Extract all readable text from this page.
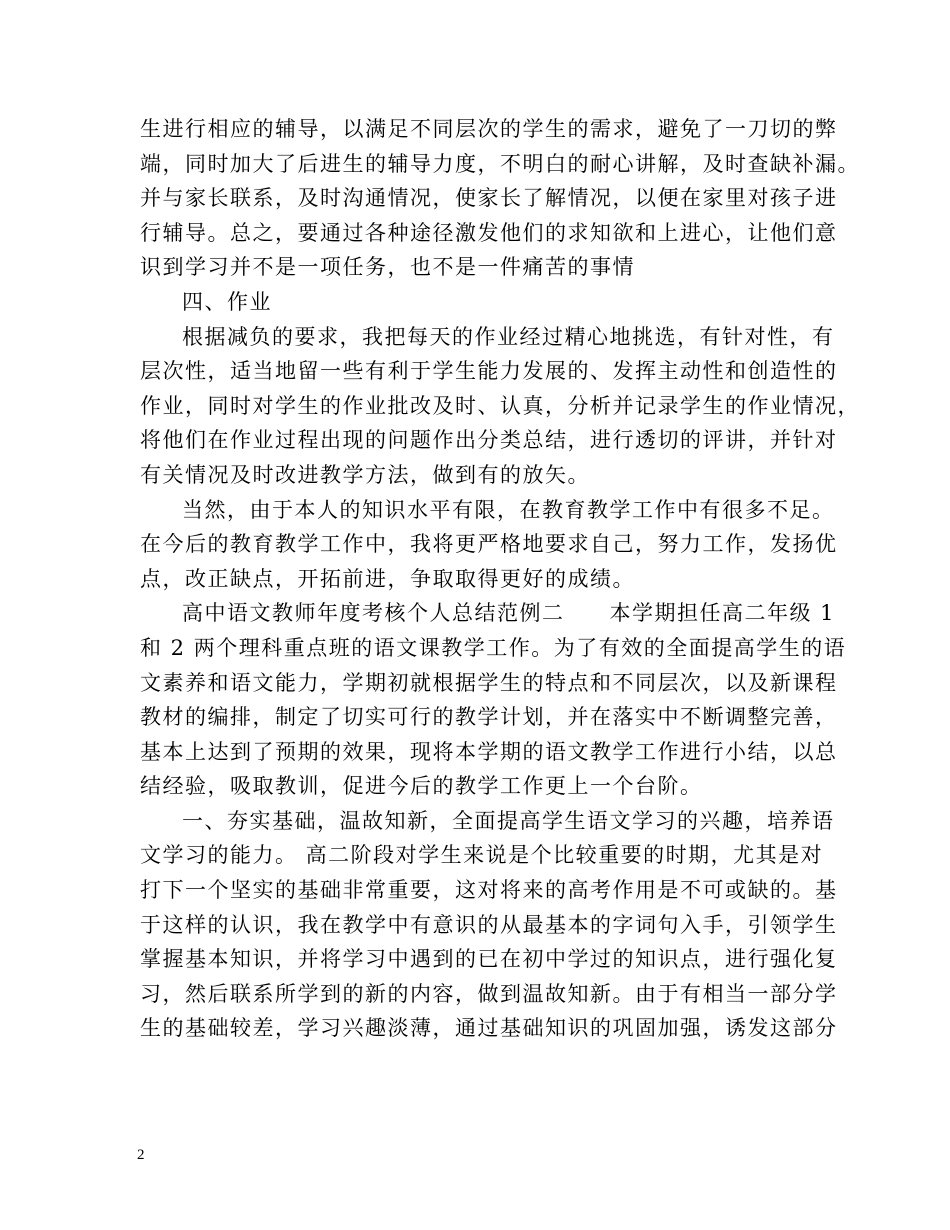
生进行相应的辅导，以满足不同层次的学生的需求，避免了一刀切的弊
端，同时加大了后进生的辅导力度，不明白的耐心讲解，及时查缺补漏。
并与家长联系，及时沟通情况，使家长了解情况，以便在家里对孩子进
行辅导。总之，要通过各种途径激发他们的求知欲和上进心，让他们意
识到学习并不是一项任务，也不是一件痛苦的事情
四、作业
根据减负的要求，我把每天的作业经过精心地挑选，有针对性，有
层次性，适当地留一些有利于学生能力发展的、发挥主动性和创造性的
作业，同时对学生的作业批改及时、认真，分析并记录学生的作业情况，
将他们在作业过程出现的问题作出分类总结，进行透切的评讲，并针对
有关情况及时改进教学方法，做到有的放矢。
当然，由于本人的知识水平有限，在教育教学工作中有很多不足。
在今后的教育教学工作中，我将更严格地要求自己，努力工作，发扬优
点，改正缺点，开拓前进，争取取得更好的成绩。
高中语文教师年度考核个人总结范例二　　本学期担任高二年级 1
和 2 两个理科重点班的语文课教学工作。为了有效的全面提高学生的语
文素养和语文能力，学期初就根据学生的特点和不同层次，以及新课程
教材的编排，制定了切实可行的教学计划，并在落实中不断调整完善，
基本上达到了预期的效果，现将本学期的语文教学工作进行小结，以总
结经验，吸取教训，促进今后的教学工作更上一个台阶。
一、夯实基础，温故知新，全面提高学生语文学习的兴趣，培养语
文学习的能力。 高二阶段对学生来说是个比较重要的时期，尤其是对
打下一个坚实的基础非常重要，这对将来的高考作用是不可或缺的。基
于这样的认识，我在教学中有意识的从最基本的字词句入手，引领学生
掌握基本知识，并将学习中遇到的已在初中学过的知识点，进行强化复
习，然后联系所学到的新的内容，做到温故知新。由于有相当一部分学
生的基础较差，学习兴趣淡薄，通过基础知识的巩固加强，诱发这部分
2
